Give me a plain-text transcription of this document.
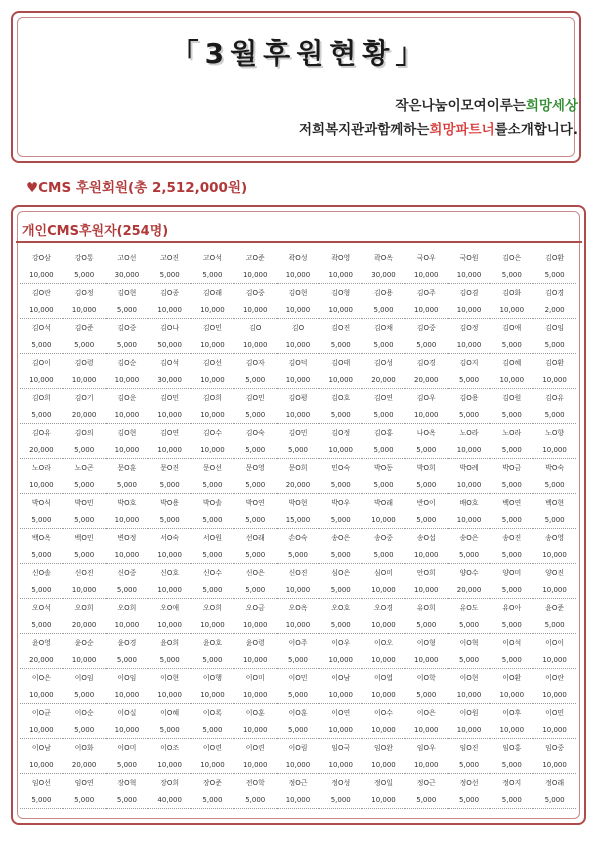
「3월후원현황」
작은나눔이모여이루는희망세상
저희복지관과함께하는희망파트너를소개합니다.
♥CMS 후원회원(총 2,512,000원)
개인CMS후원자(254명)
강O삼	강O통	고O선	고O진	고O석	고O준	곽O성	곽O영	곽O옥	국O우	국O원	김O은	김O환
10,000	5,000	30,000	5,000	5,000	10,000	10,000	10,000	30,000	10,000	10,000	5,000	5,000
김O란	김O정	김O현	김O종	김O래	김O중	김O현	김O형	김O용	김O주	김O겸	김O화	김O경
10,000	10,000	5,000	10,000	10,000	10,000	10,000	10,000	5,000	10,000	10,000	10,000	2,000
김O석	김O준	김O중	김O나	김O민	김O	김O	김O진	김O채	김O중	김O정	김O애	김O임
5,000	5,000	5,000	50,000	10,000	10,000	10,000	5,000	5,000	5,000	10,000	5,000	5,000
김O이	김O령	김O순	김O석	김O선	김O자	김O덕	김O태	김O성	김O경	김O지	김O혜	김O환
10,000	10,000	10,000	30,000	10,000	5,000	10,000	10,000	20,000	20,000	5,000	10,000	10,000
김O희	김O기	김O운	김O민	김O희	김O민	김O평	김O호	김O연	김O우	김O용	김O원	김O유
5,000	20,000	10,000	10,000	10,000	5,000	10,000	5,000	5,000	10,000	5,000	5,000	5,000
김O유	김O의	김O현	김O연	김O수	김O숙	김O민	김O정	김O홍	나O옥	노O라	노O라	노O향
20,000	5,000	10,000	10,000	10,000	5,000	5,000	10,000	5,000	5,000	10,000	5,000	10,000
노O라	노O곤	문O훈	문O진	문O선	문O영	문O희	민O숙	박O동	박O희	박O례	박O금	박O숙
10,000	5,000	5,000	5,000	5,000	5,000	20,000	5,000	5,000	5,000	10,000	5,000	5,000
박O식	박O민	박O호	박O용	박O솔	박O연	박O현	박O우	박O래	반O이	배O호	백O연	백O현
5,000	5,000	10,000	5,000	5,000	5,000	15,000	5,000	10,000	5,000	10,000	5,000	5,000
백O옥	백O민	변O정	서O숙	서O원	선O래	손O숙	송O은	송O중	송O섭	송O은	송O진	송O영
5,000	5,000	10,000	10,000	5,000	5,000	5,000	5,000	5,000	10,000	5,000	5,000	10,000
신O솔	신O진	신O중	신O호	신O수	신O은	신O진	심O은	심O미	안O희	양O수	양O미	양O진
5,000	10,000	5,000	10,000	5,000	5,000	10,000	5,000	10,000	10,000	20,000	5,000	10,000
오O석	오O희	오O희	오O애	오O희	오O금	오O옥	오O호	오O경	유O희	유O도	유O아	윤O준
5,000	20,000	10,000	10,000	10,000	10,000	10,000	5,000	10,000	5,000	5,000	5,000	5,000
윤O영	윤O순	윤O경	윤O희	윤O호	윤O령	이O주	이O우	이O오	이O형	이O혁	이O석	이O이
20,000	10,000	5,000	5,000	5,000	10,000	5,000	10,000	10,000	10,000	5,000	5,000	10,000
이O은	이O임	이O임	이O현	이O행	이O미	이O민	이O남	이O엽	이O학	이O현	이O환	이O란
10,000	5,000	10,000	10,000	10,000	10,000	5,000	10,000	10,000	5,000	10,000	10,000	10,000
이O균	이O순	이O실	이O혜	이O록	이O훈	이O훈	이O연	이O수	이O은	이O원	이O후	이O민
10,000	5,000	10,000	5,000	5,000	10,000	5,000	10,000	10,000	10,000	10,000	10,000	10,000
이O남	이O화	이O미	이O조	이O련	이O련	이O림	임O국	임O완	임O우	임O진	임O홍	임O중
10,000	20,000	5,000	10,000	10,000	10,000	10,000	10,000	10,000	10,000	5,000	5,000	10,000
임O선	임O연	장O혁	장O희	장O준	전O학	정O근	정O성	정O일	정O근	정O선	정O지	정O래
5,000	5,000	5,000	40,000	5,000	5,000	10,000	5,000	10,000	5,000	5,000	5,000	5,000
